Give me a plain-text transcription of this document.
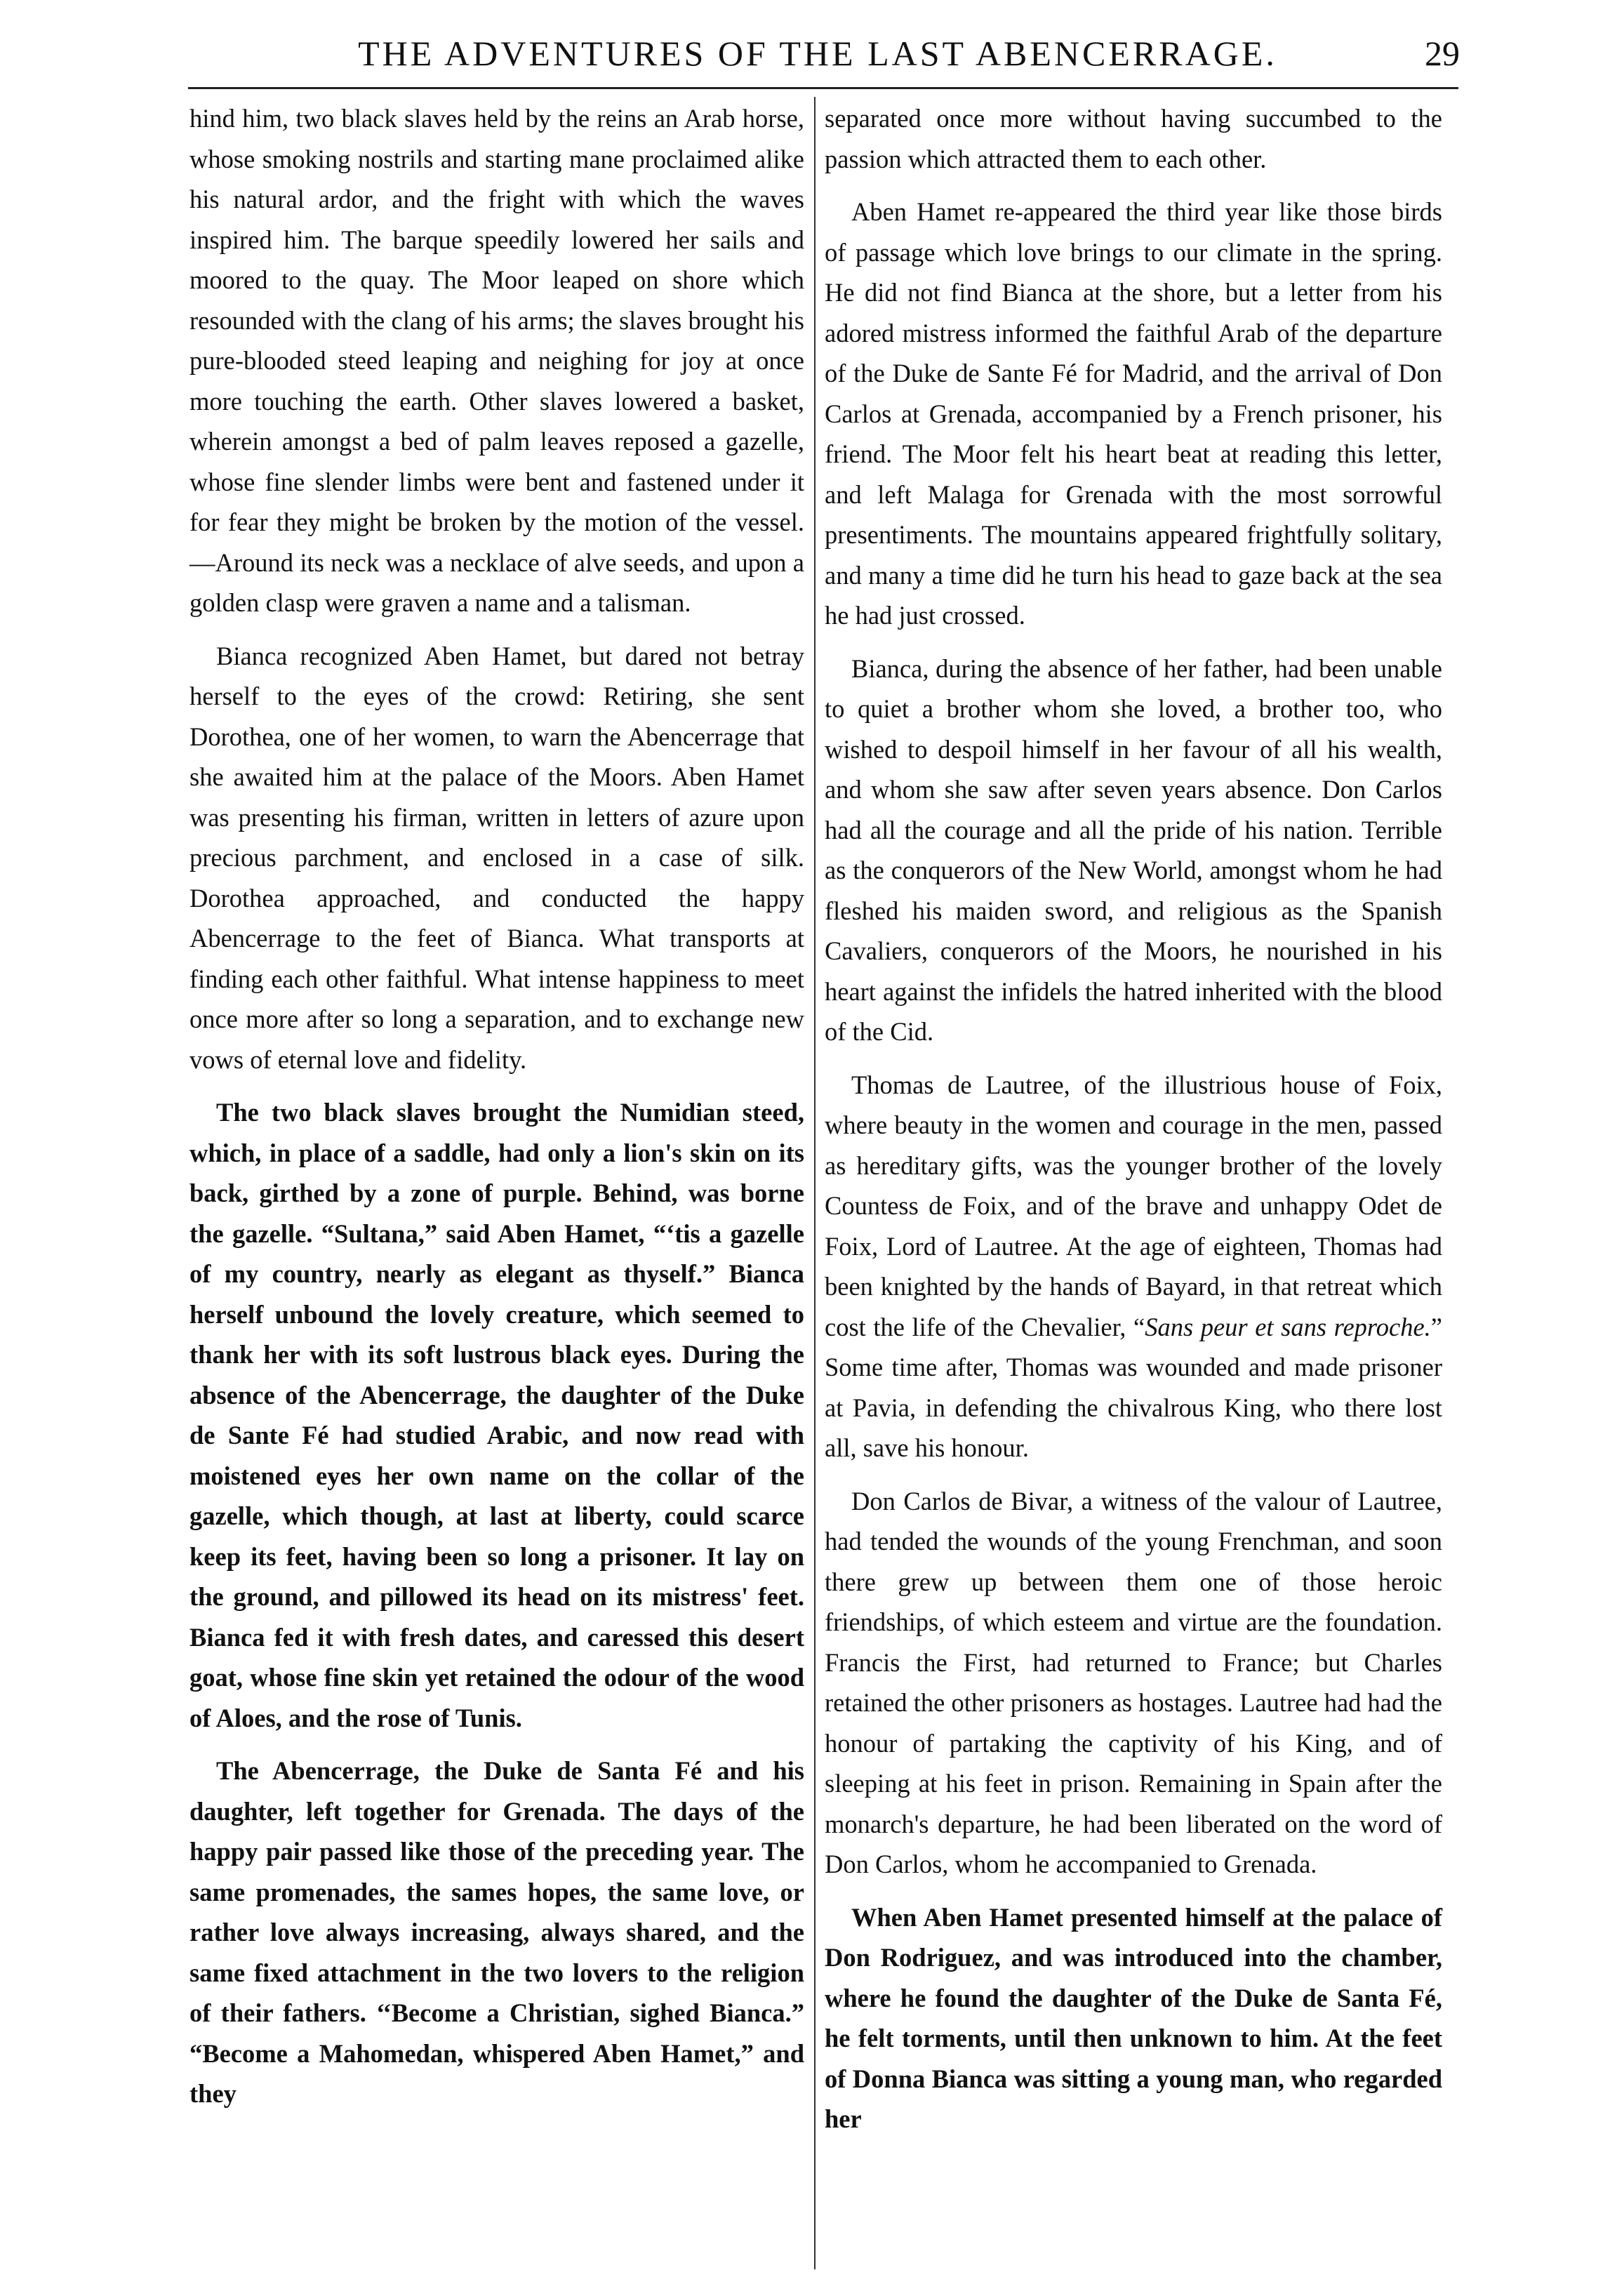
THE ADVENTURES OF THE LAST ABENCERRAGE.	29

hind him, two black slaves held by the reins an Arab horse, whose smoking nostrils and starting mane proclaimed alike his natural ardor, and the fright with which the waves inspired him. The barque speedily lowered her sails and moored to the quay. The Moor leaped on shore which resounded with the clang of his arms; the slaves brought his pure-blooded steed leaping and neighing for joy at once more touching the earth. Other slaves lowered a basket, wherein amongst a bed of palm leaves reposed a gazelle, whose fine slender limbs were bent and fastened under it for fear they might be broken by the motion of the vessel.—Around its neck was a necklace of alve seeds, and upon a golden clasp were graven a name and a talisman.

Bianca recognized Aben Hamet, but dared not betray herself to the eyes of the crowd: Retiring, she sent Dorothea, one of her women, to warn the Abencerrage that she awaited him at the palace of the Moors. Aben Hamet was presenting his firman, written in letters of azure upon precious parchment, and enclosed in a case of silk. Dorothea approached, and conducted the happy Abencerrage to the feet of Bianca. What transports at finding each other faithful. What intense happiness to meet once more after so long a separation, and to exchange new vows of eternal love and fidelity.

The two black slaves brought the Numidian steed, which, in place of a saddle, had only a lion's skin on its back, girthed by a zone of purple. Behind, was borne the gazelle. “Sultana,” said Aben Hamet, “‘tis a gazelle of my country, nearly as elegant as thyself.” Bianca herself unbound the lovely creature, which seemed to thank her with its soft lustrous black eyes. During the absence of the Abencerrage, the daughter of the Duke de Sante Fé had studied Arabic, and now read with moistened eyes her own name on the collar of the gazelle, which though, at last at liberty, could scarce keep its feet, having been so long a prisoner. It lay on the ground, and pillowed its head on its mistress' feet. Bianca fed it with fresh dates, and caressed this desert goat, whose fine skin yet retained the odour of the wood of Aloes, and the rose of Tunis.

The Abencerrage, the Duke de Santa Fé and his daughter, left together for Grenada. The days of the happy pair passed like those of the preceding year. The same promenades, the sames hopes, the same love, or rather love always increasing, always shared, and the same fixed attachment in the two lovers to the religion of their fathers. ‘‘Become a Christian, sighed Bianca.” “Become a Mahomedan, whispered Aben Hamet,” and they

separated once more without having succumbed to the passion which attracted them to each other.

Aben Hamet re-appeared the third year like those birds of passage which love brings to our climate in the spring. He did not find Bianca at the shore, but a letter from his adored mistress informed the faithful Arab of the departure of the Duke de Sante Fé for Madrid, and the arrival of Don Carlos at Grenada, accompanied by a French prisoner, his friend. The Moor felt his heart beat at reading this letter, and left Malaga for Grenada with the most sorrowful presentiments. The mountains appeared frightfully solitary, and many a time did he turn his head to gaze back at the sea he had just crossed.

Bianca, during the absence of her father, had been unable to quiet a brother whom she loved, a brother too, who wished to despoil himself in her favour of all his wealth, and whom she saw after seven years absence. Don Carlos had all the courage and all the pride of his nation. Terrible as the conquerors of the New World, amongst whom he had fleshed his maiden sword, and religious as the Spanish Cavaliers, conquerors of the Moors, he nourished in his heart against the infidels the hatred inherited with the blood of the Cid.

Thomas de Lautree, of the illustrious house of Foix, where beauty in the women and courage in the men, passed as hereditary gifts, was the younger brother of the lovely Countess de Foix, and of the brave and unhappy Odet de Foix, Lord of Lautree. At the age of eighteen, Thomas had been knighted by the hands of Bayard, in that retreat which cost the life of the Chevalier, “Sans peur et sans reproche.” Some time after, Thomas was wounded and made prisoner at Pavia, in defending the chivalrous King, who there lost all, save his honour.

Don Carlos de Bivar, a witness of the valour of Lautree, had tended the wounds of the young Frenchman, and soon there grew up between them one of those heroic friendships, of which esteem and virtue are the foundation. Francis the First, had returned to France; but Charles retained the other prisoners as hostages. Lautree had had the honour of partaking the captivity of his King, and of sleeping at his feet in prison. Remaining in Spain after the monarch's departure, he had been liberated on the word of Don Carlos, whom he accompanied to Grenada.

When Aben Hamet presented himself at the palace of Don Rodriguez, and was introduced into the chamber, where he found the daughter of the Duke de Santa Fé, he felt torments, until then unknown to him. At the feet of Donna Bianca was sitting a young man, who regarded her
